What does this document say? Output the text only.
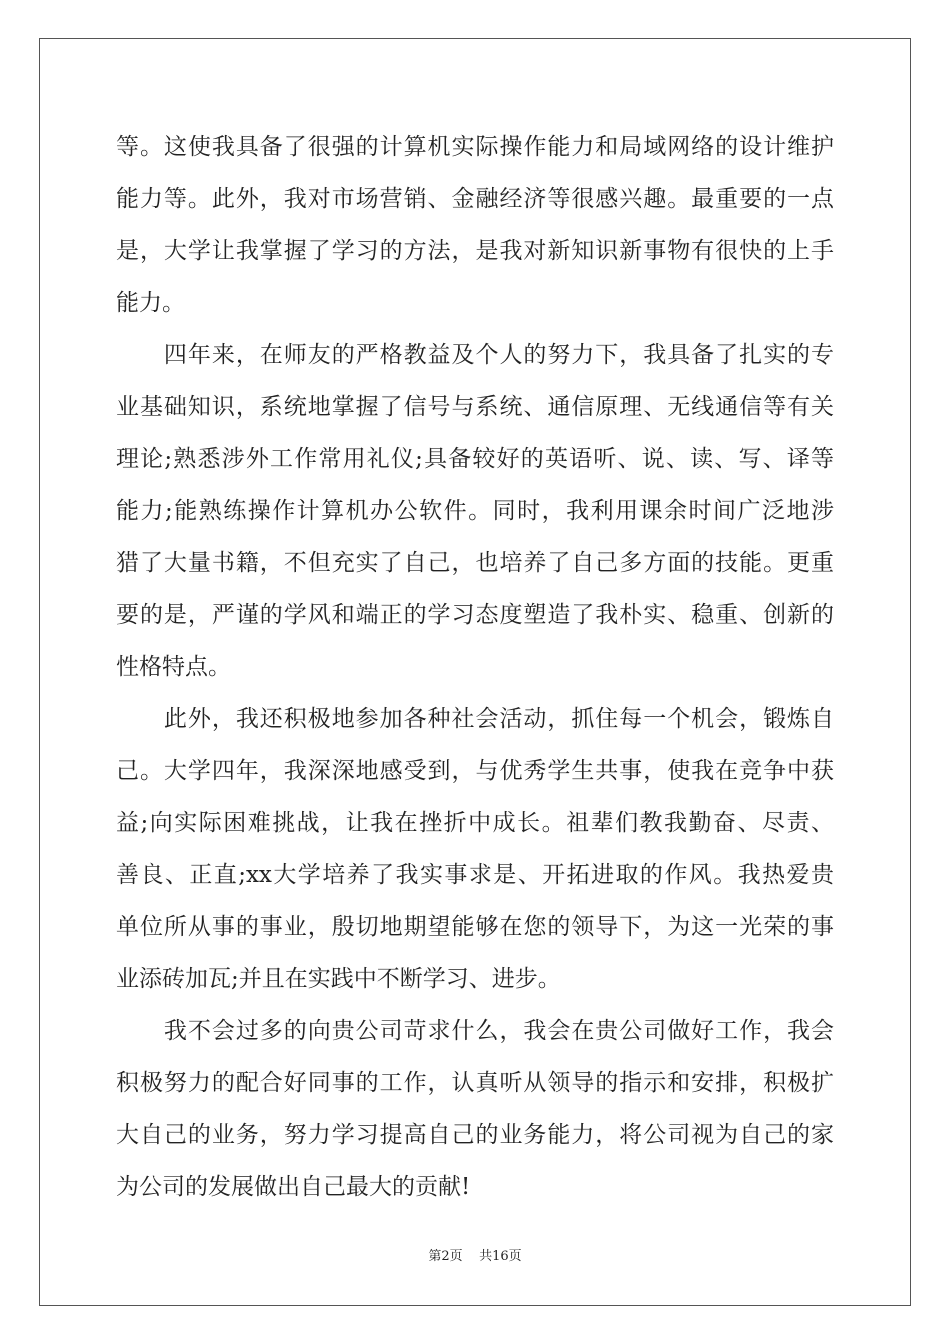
等。这使我具备了很强的计算机实际操作能力和局域网络的设计维护
能力等。此外，我对市场营销、金融经济等很感兴趣。最重要的一点
是，大学让我掌握了学习的方法，是我对新知识新事物有很快的上手
能力。
　　四年来，在师友的严格教益及个人的努力下，我具备了扎实的专
业基础知识，系统地掌握了信号与系统、通信原理、无线通信等有关
理论;熟悉涉外工作常用礼仪;具备较好的英语听、说、读、写、译等
能力;能熟练操作计算机办公软件。同时，我利用课余时间广泛地涉
猎了大量书籍，不但充实了自己，也培养了自己多方面的技能。更重
要的是，严谨的学风和端正的学习态度塑造了我朴实、稳重、创新的
性格特点。
　　此外，我还积极地参加各种社会活动，抓住每一个机会，锻炼自
己。大学四年，我深深地感受到，与优秀学生共事，使我在竞争中获
益;向实际困难挑战，让我在挫折中成长。祖辈们教我勤奋、尽责、
善良、正直;xx大学培养了我实事求是、开拓进取的作风。我热爱贵
单位所从事的事业，殷切地期望能够在您的领导下，为这一光荣的事
业添砖加瓦;并且在实践中不断学习、进步。
　　我不会过多的向贵公司苛求什么，我会在贵公司做好工作，我会
积极努力的配合好同事的工作，认真听从领导的指示和安排，积极扩
大自己的业务，努力学习提高自己的业务能力，将公司视为自己的家
为公司的发展做出自己最大的贡献!
第2页 共16页
